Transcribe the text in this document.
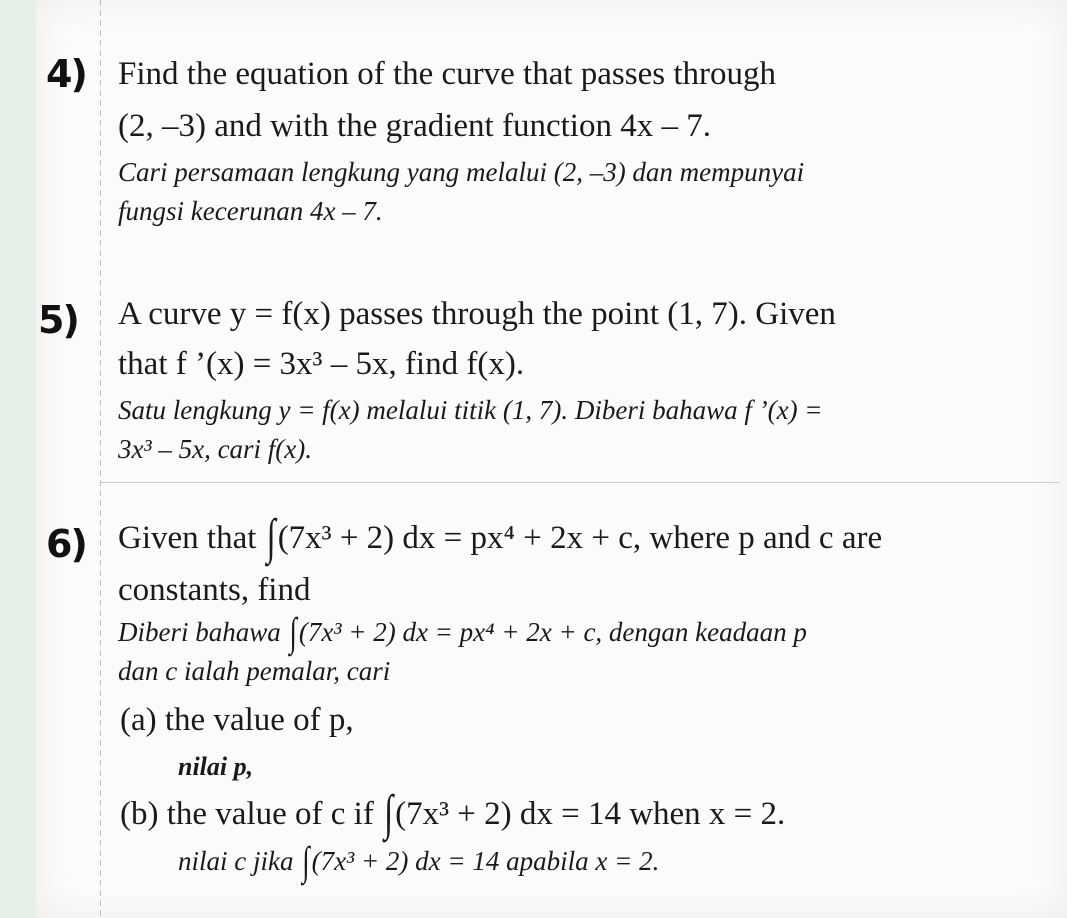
4) Find the equation of the curve that passes through
(2, –3) and with the gradient function 4x – 7.
Cari persamaan lengkung yang melalui (2, –3) dan mempunyai
fungsi kecerunan 4x – 7.
5) A curve y = f(x) passes through the point (1, 7). Given
that f ’(x) = 3x³ – 5x, find f(x).
Satu lengkung y = f(x) melalui titik (1, 7). Diberi bahawa f ’(x) =
3x³ – 5x, cari f(x).
6) Given that ∫(7x³ + 2) dx = px⁴ + 2x + c, where p and c are
constants, find
Diberi bahawa ∫(7x³ + 2) dx = px⁴ + 2x + c, dengan keadaan p
dan c ialah pemalar, cari
(a) the value of p,
nilai p,
(b) the value of c if ∫(7x³ + 2) dx = 14 when x = 2.
nilai c jika ∫(7x³ + 2) dx = 14 apabila x = 2.
